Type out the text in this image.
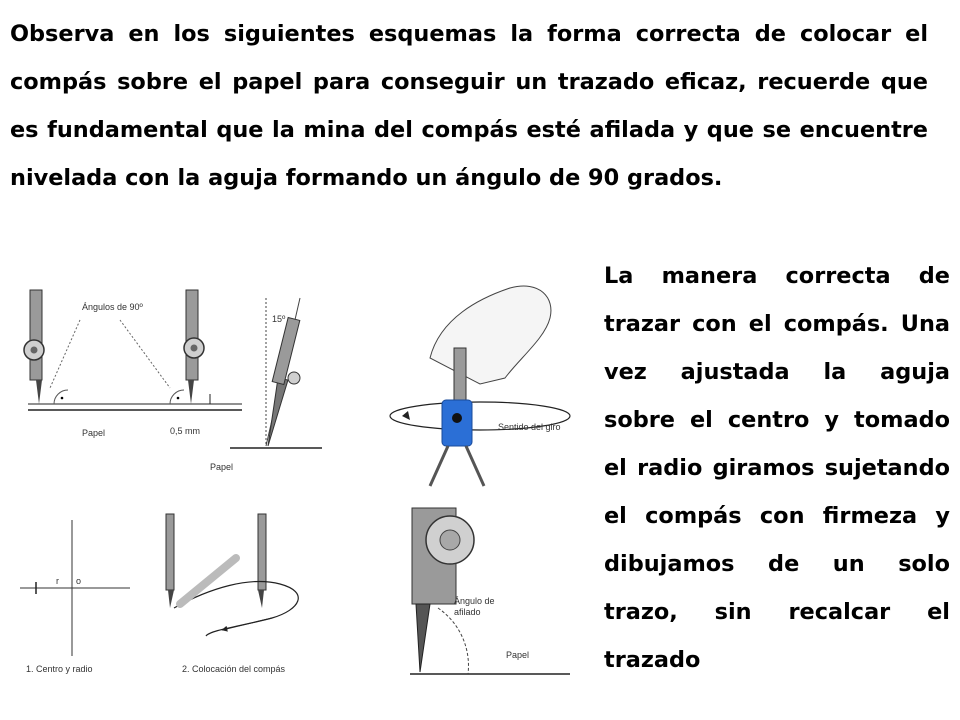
Observa en los siguientes esquemas la forma correcta de colocar el compás sobre el papel para conseguir un trazado eficaz, recuerde que es fundamental que la mina del compás esté afilada y que se encuentre nivelada con la aguja formando un ángulo de 90 grados.

Ángulos de 90º
Papel	0,5 mm
15º
Papel
Sentido del giro
r o
1. Centro y radio	2. Colocación del compás
Ángulo de
afilado
Papel

La manera correcta de trazar con el compás. Una vez ajustada la aguja sobre el centro y tomado el radio giramos sujetando el compás con firmeza y dibujamos de un solo trazo, sin recalcar el trazado
